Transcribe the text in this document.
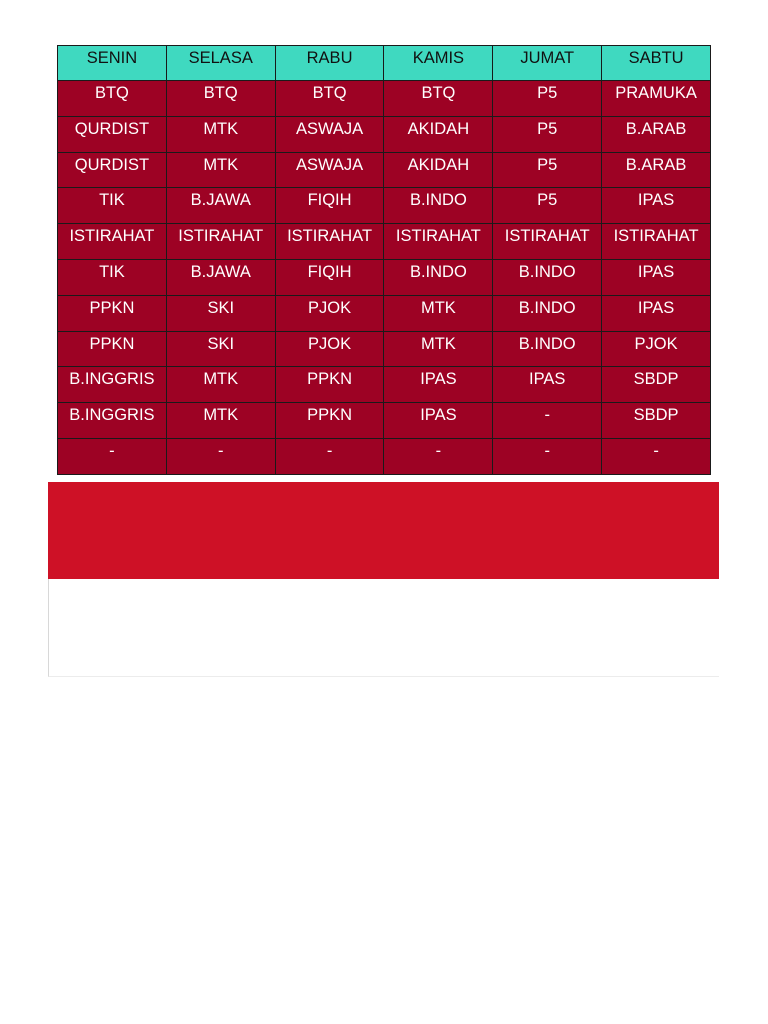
SENIN	SELASA	RABU	KAMIS	JUMAT	SABTU
BTQ	BTQ	BTQ	BTQ	P5	PRAMUKA
QURDIST	MTK	ASWAJA	AKIDAH	P5	B.ARAB
QURDIST	MTK	ASWAJA	AKIDAH	P5	B.ARAB
TIK	B.JAWA	FIQIH	B.INDO	P5	IPAS
ISTIRAHAT	ISTIRAHAT	ISTIRAHAT	ISTIRAHAT	ISTIRAHAT	ISTIRAHAT
TIK	B.JAWA	FIQIH	B.INDO	B.INDO	IPAS
PPKN	SKI	PJOK	MTK	B.INDO	IPAS
PPKN	SKI	PJOK	MTK	B.INDO	PJOK
B.INGGRIS	MTK	PPKN	IPAS	IPAS	SBDP
B.INGGRIS	MTK	PPKN	IPAS	-	SBDP
-	-	-	-	-	-
